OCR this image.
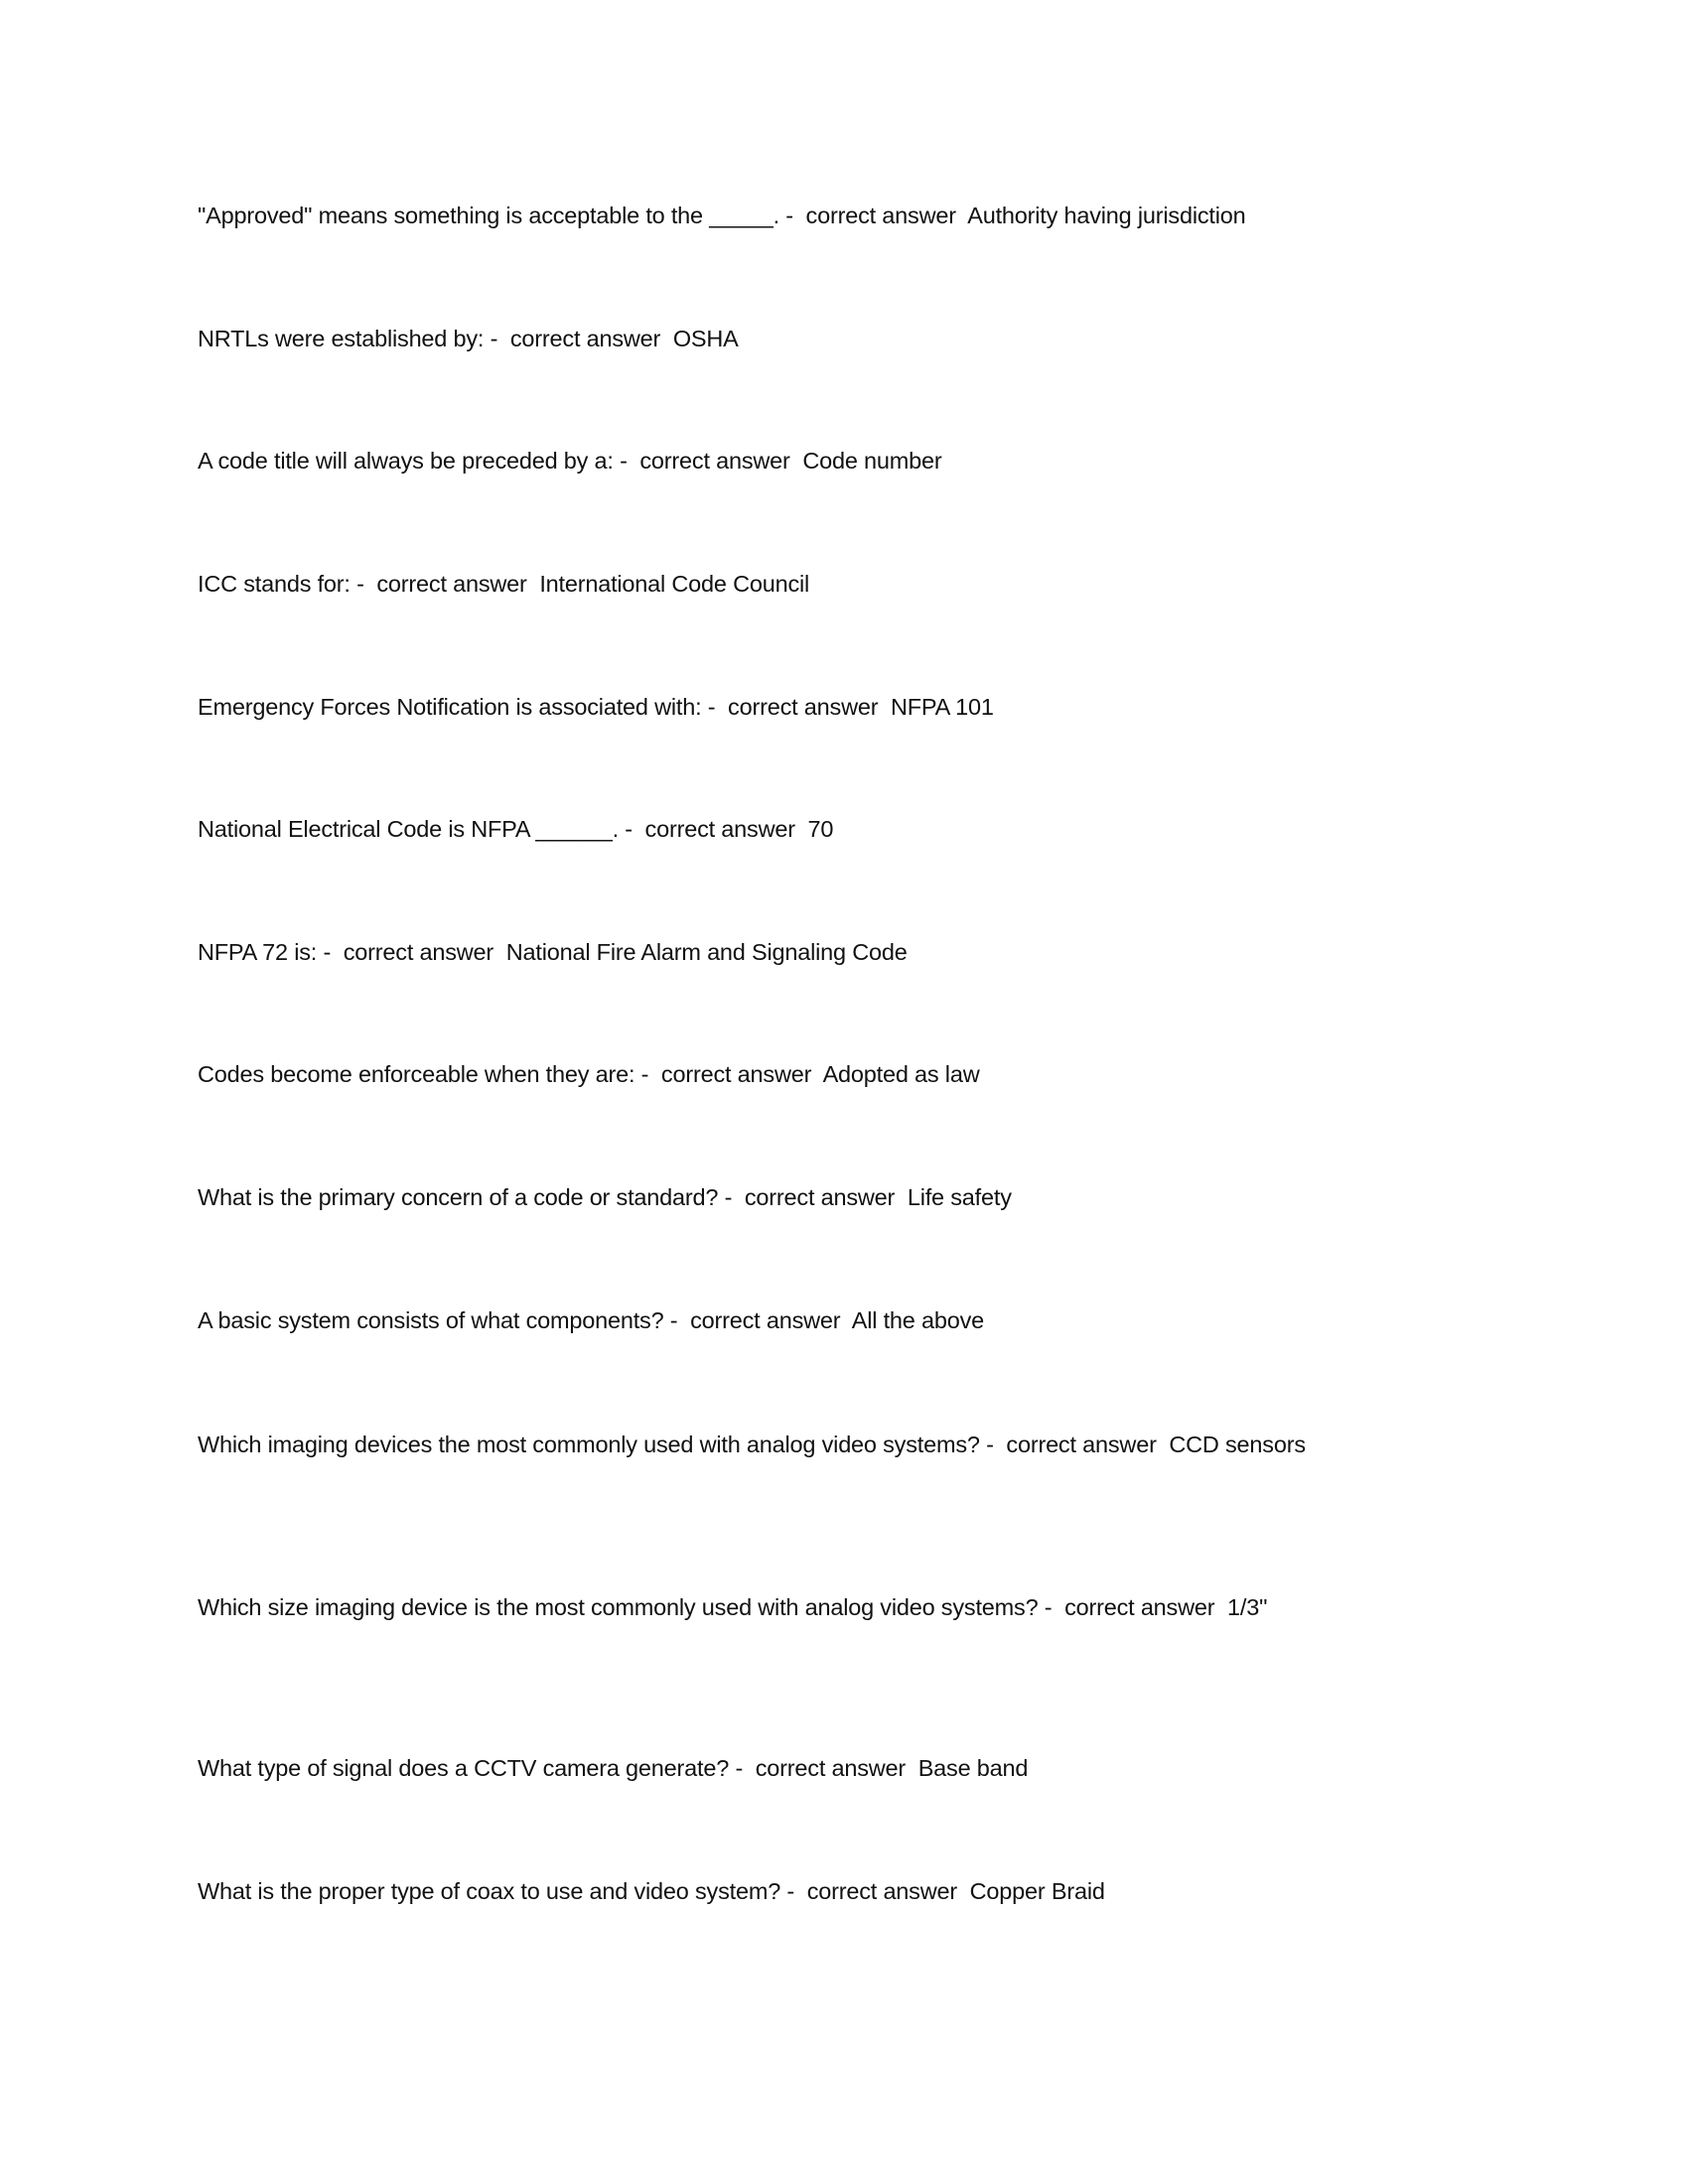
"Approved" means something is acceptable to the _____. -  correct answer  Authority having jurisdiction
NRTLs were established by: -  correct answer  OSHA
A code title will always be preceded by a: -  correct answer  Code number
ICC stands for: -  correct answer  International Code Council
Emergency Forces Notification is associated with: -  correct answer  NFPA 101
National Electrical Code is NFPA ______. -  correct answer  70
NFPA 72 is: -  correct answer  National Fire Alarm and Signaling Code
Codes become enforceable when they are: -  correct answer  Adopted as law
What is the primary concern of a code or standard? -  correct answer  Life safety
A basic system consists of what components? -  correct answer  All the above
Which imaging devices the most commonly used with analog video systems? -  correct answer  CCD sensors
Which size imaging device is the most commonly used with analog video systems? -  correct answer  1/3"
What type of signal does a CCTV camera generate? -  correct answer  Base band
What is the proper type of coax to use and video system? -  correct answer  Copper Braid
